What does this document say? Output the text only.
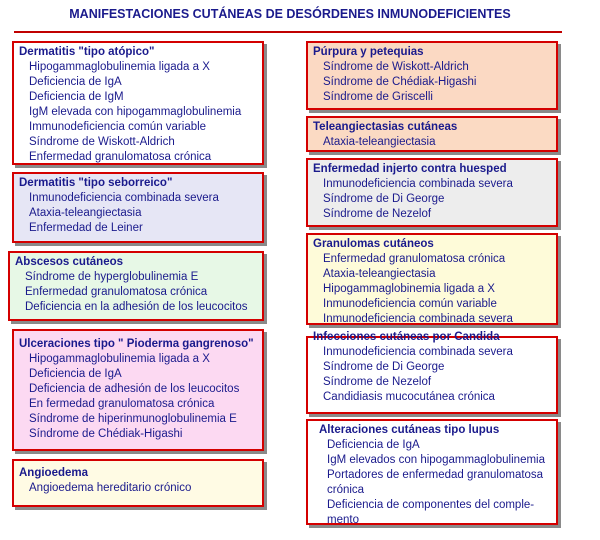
MANIFESTACIONES CUTÁNEAS DE DESÓRDENES INMUNODEFICIENTES
Dermatitis "tipo atópico"
Hipogammaglobulinemia ligada a X
Deficiencia de IgA
Deficiencia de IgM
IgM elevada con hipogammaglobulinemia
Immunodeficiencia común variable
Síndrome de Wiskott-Aldrich
Enfermedad granulomatosa crónica
Dermatitis "tipo seborreico"
Inmunodeficiencia combinada severa
Ataxia-teleangiectasia
Enfermedad de Leiner
Abscesos cutáneos
Síndrome de hyperglobulinemia E
Enfermedad granulomatosa crónica
Deficiencia en la adhesión de los leucocitos
Ulceraciones tipo " Pioderma gangrenoso"
Hipogammaglobulinemia ligada a X
Deficiencia de IgA
Deficiencia de adhesión de los leucocitos
En fermedad granulomatosa crónica
Síndrome de hiperinmunoglobulinemia E
Síndrome de Chédiak-Higashi
Angioedema
Angioedema hereditario crónico
Púrpura y petequias
Síndrome de Wiskott-Aldrich
Síndrome de Chédiak-Higashi
Síndrome de Griscelli
Teleangiectasias cutáneas
Ataxia-teleangiectasia
Enfermedad injerto contra huesped
Inmunodeficiencia combinada severa
Síndrome de Di George
Síndrome de Nezelof
Granulomas cutáneos
Enfermedad granulomatosa crónica
Ataxia-teleangiectasia
Hipogammaglobinemia ligada a X
Inmunodeficiencia común variable
Inmunodeficiencia combinada severa
Infecciones cutáneas por Candida
Inmunodeficiencia combinada severa
Síndrome de Di George
Síndrome de Nezelof
Candidiasis mucocutánea crónica
Alteraciones cutáneas tipo lupus
Deficiencia de IgA
IgM elevados con hipogammaglobulinemia
Portadores de enfermedad granulomatosa crónica
Deficiencia de componentes del comple-mento
